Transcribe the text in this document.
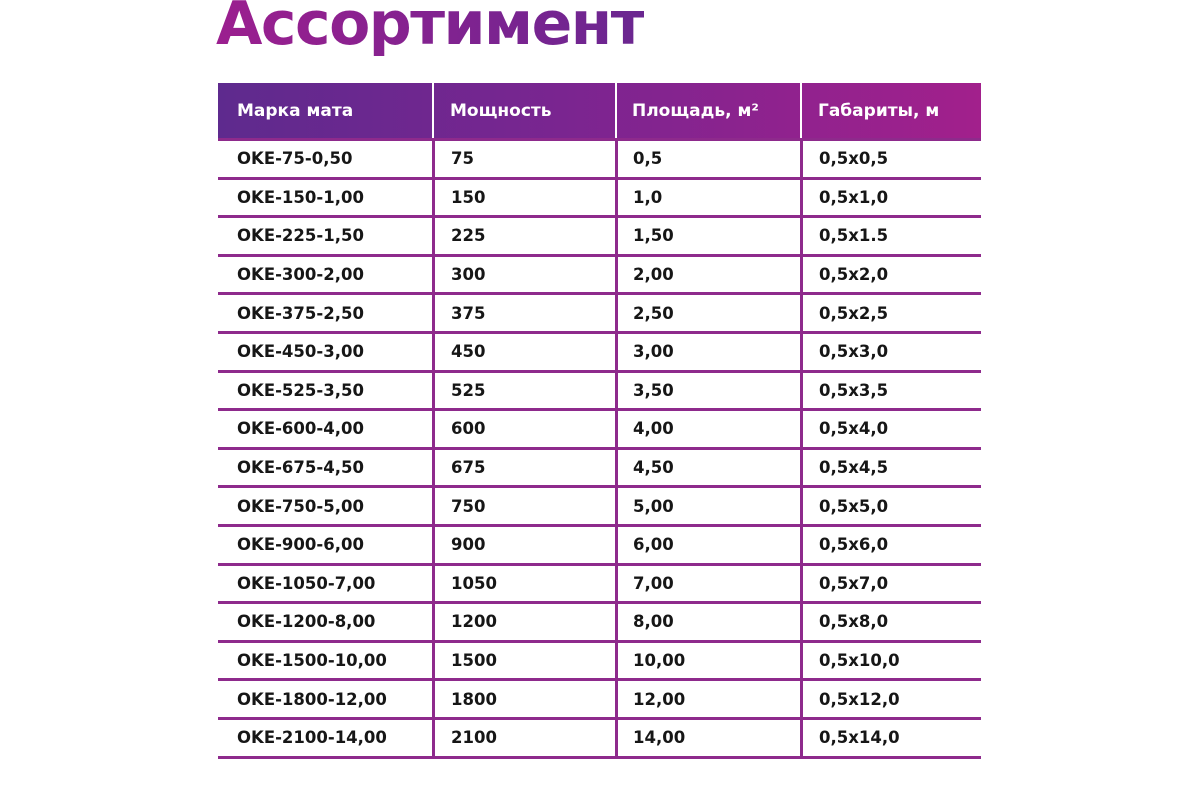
Ассортимент
Марка мата	Мощность	Площадь, м²	Габариты, м
OKE-75-0,50	75	0,5	0,5x0,5
OKE-150-1,00	150	1,0	0,5x1,0
OKE-225-1,50	225	1,50	0,5x1.5
OKE-300-2,00	300	2,00	0,5x2,0
OKE-375-2,50	375	2,50	0,5x2,5
OKE-450-3,00	450	3,00	0,5x3,0
OKE-525-3,50	525	3,50	0,5x3,5
OKE-600-4,00	600	4,00	0,5x4,0
OKE-675-4,50	675	4,50	0,5x4,5
OKE-750-5,00	750	5,00	0,5x5,0
OKE-900-6,00	900	6,00	0,5x6,0
OKE-1050-7,00	1050	7,00	0,5x7,0
OKE-1200-8,00	1200	8,00	0,5x8,0
OKE-1500-10,00	1500	10,00	0,5x10,0
OKE-1800-12,00	1800	12,00	0,5x12,0
OKE-2100-14,00	2100	14,00	0,5x14,0
